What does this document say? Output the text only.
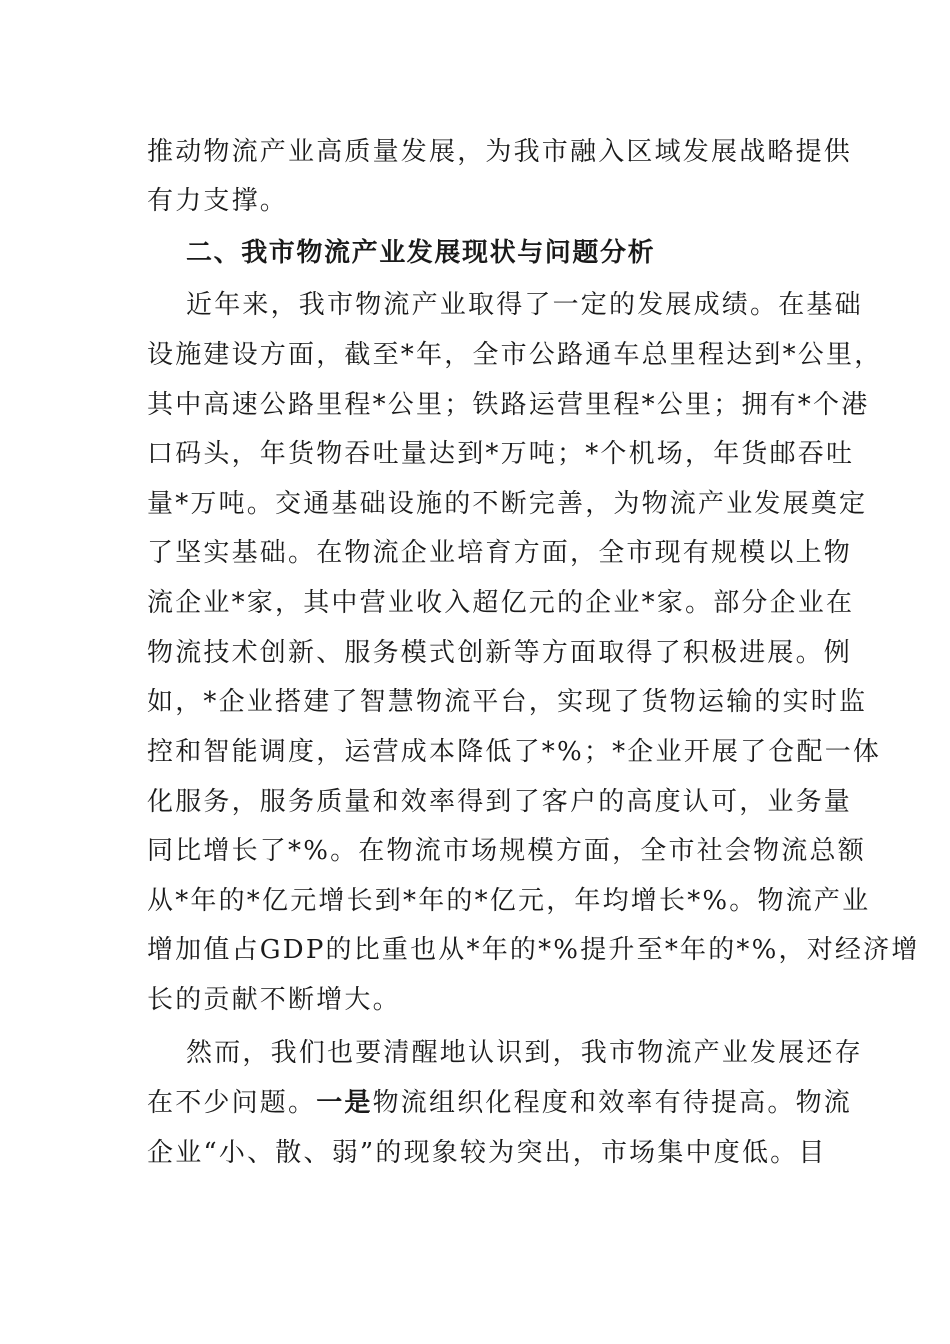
推动物流产业高质量发展，为我市融入区域发展战略提供
有力支撑。
二、我市物流产业发展现状与问题分析
近年来，我市物流产业取得了一定的发展成绩。在基础
设施建设方面，截至*年，全市公路通车总里程达到*公里，
其中高速公路里程*公里；铁路运营里程*公里；拥有*个港
口码头，年货物吞吐量达到*万吨；*个机场，年货邮吞吐
量*万吨。交通基础设施的不断完善，为物流产业发展奠定
了坚实基础。在物流企业培育方面，全市现有规模以上物
流企业*家，其中营业收入超亿元的企业*家。部分企业在
物流技术创新、服务模式创新等方面取得了积极进展。例
如，*企业搭建了智慧物流平台，实现了货物运输的实时监
控和智能调度，运营成本降低了*%；*企业开展了仓配一体
化服务，服务质量和效率得到了客户的高度认可，业务量
同比增长了*%。在物流市场规模方面，全市社会物流总额
从*年的*亿元增长到*年的*亿元，年均增长*%。物流产业
增加值占GDP的比重也从*年的*%提升至*年的*%，对经济增
长的贡献不断增大。
然而，我们也要清醒地认识到，我市物流产业发展还存
在不少问题。一是物流组织化程度和效率有待提高。物流
企业“小、散、弱”的现象较为突出，市场集中度低。目
